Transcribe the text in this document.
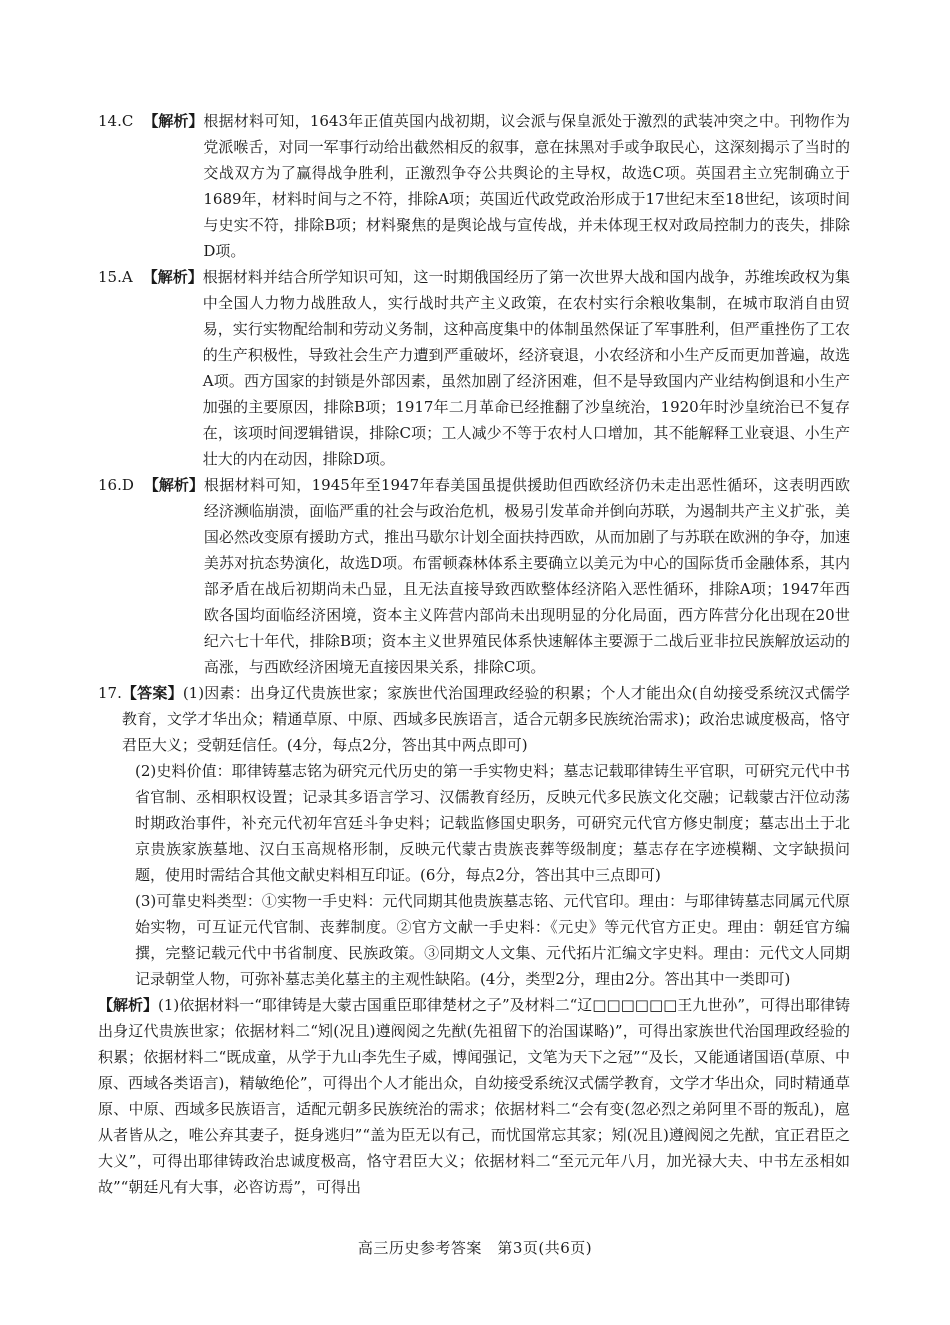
14.C 【解析】 根据材料可知，1643年正值英国内战初期，议会派与保皇派处于激烈的武装冲突之中。刊物作为党派喉舌，对同一军事行动给出截然相反的叙事，意在抹黑对手或争取民心，这深刻揭示了当时的交战双方为了赢得战争胜利，正激烈争夺公共舆论的主导权，故选C项。英国君主立宪制确立于1689年，材料时间与之不符，排除A项；英国近代政党政治形成于17世纪末至18世纪，该项时间与史实不符，排除B项；材料聚焦的是舆论战与宣传战，并未体现王权对政局控制力的丧失，排除D项。
15.A 【解析】 根据材料并结合所学知识可知，这一时期俄国经历了第一次世界大战和国内战争，苏维埃政权为集中全国人力物力战胜敌人，实行战时共产主义政策，在农村实行余粮收集制，在城市取消自由贸易，实行实物配给制和劳动义务制，这种高度集中的体制虽然保证了军事胜利，但严重挫伤了工农的生产积极性，导致社会生产力遭到严重破坏，经济衰退，小农经济和小生产反而更加普遍，故选A项。西方国家的封锁是外部因素，虽然加剧了经济困难，但不是导致国内产业结构倒退和小生产加强的主要原因，排除B项；1917年二月革命已经推翻了沙皇统治，1920年时沙皇统治已不复存在，该项时间逻辑错误，排除C项；工人减少不等于农村人口增加，其不能解释工业衰退、小生产壮大的内在动因，排除D项。
16.D 【解析】 根据材料可知，1945年至1947年春美国虽提供援助但西欧经济仍未走出恶性循环，这表明西欧经济濒临崩溃，面临严重的社会与政治危机，极易引发革命并倒向苏联，为遏制共产主义扩张，美国必然改变原有援助方式，推出马歇尔计划全面扶持西欧，从而加剧了与苏联在欧洲的争夺，加速美苏对抗态势演化，故选D项。布雷顿森林体系主要确立以美元为中心的国际货币金融体系，其内部矛盾在战后初期尚未凸显，且无法直接导致西欧整体经济陷入恶性循环，排除A项；1947年西欧各国均面临经济困境，资本主义阵营内部尚未出现明显的分化局面，西方阵营分化出现在20世纪六七十年代，排除B项；资本主义世界殖民体系快速解体主要源于二战后亚非拉民族解放运动的高涨，与西欧经济困境无直接因果关系，排除C项。
17. 【答案】(1)因素：出身辽代贵族世家；家族世代治国理政经验的积累；个人才能出众(自幼接受系统汉式儒学教育，文学才华出众；精通草原、中原、西域多民族语言，适合元朝多民族统治需求)；政治忠诚度极高，恪守君臣大义；受朝廷信任。(4分，每点2分，答出其中两点即可)

(2)史料价值：耶律铸墓志铭为研究元代历史的第一手实物史料；墓志记载耶律铸生平官职，可研究元代中书省官制、丞相职权设置；记录其多语言学习、汉儒教育经历，反映元代多民族文化交融；记载蒙古汗位动荡时期政治事件，补充元代初年宫廷斗争史料；记载监修国史职务，可研究元代官方修史制度；墓志出土于北京贵族家族墓地、汉白玉高规格形制，反映元代蒙古贵族丧葬等级制度；墓志存在字迹模糊、文字缺损问题，使用时需结合其他文献史料相互印证。(6分，每点2分，答出其中三点即可)

(3)可靠史料类型：①实物一手史料：元代同期其他贵族墓志铭、元代官印。理由：与耶律铸墓志同属元代原始实物，可互证元代官制、丧葬制度。②官方文献一手史料：《元史》等元代官方正史。理由：朝廷官方编撰，完整记载元代中书省制度、民族政策。③同期文人文集、元代拓片汇编文字史料。理由：元代文人同期记录朝堂人物，可弥补墓志美化墓主的主观性缺陷。(4分，类型2分，理由2分。答出其中一类即可)

【解析】(1)依据材料一“耶律铸是大蒙古国重臣耶律楚材之子”及材料二“辽□□□□□□王九世孙”，可得出耶律铸出身辽代贵族世家；依据材料二“矧(况且)遵阀阅之先猷(先祖留下的治国谋略)”，可得出家族世代治国理政经验的积累；依据材料二“既成童，从学于九山李先生子威，博闻强记，文笔为天下之冠”“及长，又能通诸国语(草原、中原、西域各类语言)，精敏绝伦”，可得出个人才能出众，自幼接受系统汉式儒学教育，文学才华出众，同时精通草原、中原、西域多民族语言，适配元朝多民族统治的需求；依据材料二“会有变(忽必烈之弟阿里不哥的叛乱)，扈从者皆从之，唯公弃其妻子，挺身逃归”“盖为臣无以有己，而忧国常忘其家；矧(况且)遵阀阅之先猷，宜正君臣之大义”，可得出耶律铸政治忠诚度极高，恪守君臣大义；依据材料二“至元元年八月，加光禄大夫、中书左丞相如故”“朝廷凡有大事，必咨访焉”，可得出

高三历史参考答案　第3页(共6页)
